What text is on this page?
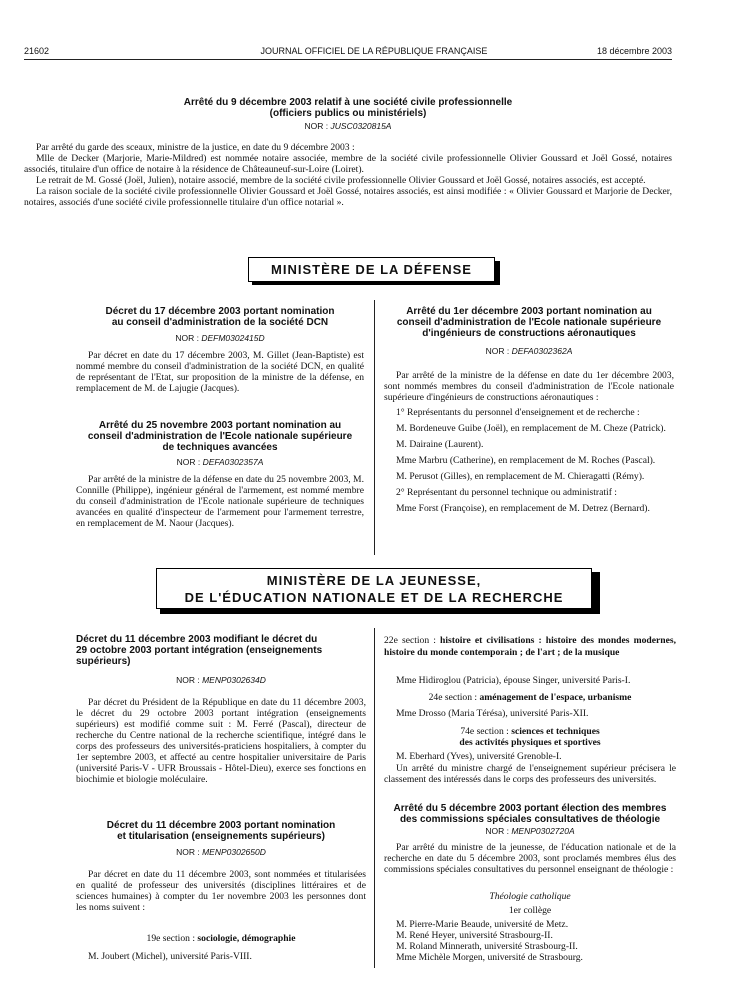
21602	JOURNAL OFFICIEL DE LA RÉPUBLIQUE FRANÇAISE	18 décembre 2003
Arrêté du 9 décembre 2003 relatif à une société civile professionnelle
(officiers publics ou ministériels)
NOR : JUSC0320815A

Par arrêté du garde des sceaux, ministre de la justice, en date du 9 décembre 2003 :

Mlle de Decker (Marjorie, Marie-Mildred) est nommée notaire associée, membre de la société civile professionnelle Olivier Goussard et Joël Gossé, notaires associés, titulaire d'un office de notaire à la résidence de Châteauneuf-sur-Loire (Loiret).

Le retrait de M. Gossé (Joël, Julien), notaire associé, membre de la société civile professionnelle Olivier Goussard et Joël Gossé, notaires associés, est accepté.

La raison sociale de la société civile professionnelle Olivier Goussard et Joël Gossé, notaires associés, est ainsi modifiée : « Olivier Goussard et Marjorie de Decker, notaires, associés d'une société civile professionnelle titulaire d'un office notarial ».

MINISTÈRE DE LA DÉFENSE
Décret du 17 décembre 2003 portant nomination
au conseil d'administration de la société DCN
NOR : DEFM0302415D

Par décret en date du 17 décembre 2003, M. Gillet (Jean-Baptiste) est nommé membre du conseil d'administration de la société DCN, en qualité de représentant de l'Etat, sur proposition de la ministre de la défense, en remplacement de M. de Lajugie (Jacques).

Arrêté du 25 novembre 2003 portant nomination au
conseil d'administration de l'Ecole nationale supérieure
de techniques avancées
NOR : DEFA0302357A

Par arrêté de la ministre de la défense en date du 25 novembre 2003, M. Connille (Philippe), ingénieur général de l'armement, est nommé membre du conseil d'administration de l'Ecole nationale supérieure de techniques avancées en qualité d'inspecteur de l'armement pour l'armement terrestre, en remplacement de M. Naour (Jacques).

Arrêté du 1er décembre 2003 portant nomination au
conseil d'administration de l'Ecole nationale supérieure
d'ingénieurs de constructions aéronautiques
NOR : DEFA0302362A

Par arrêté de la ministre de la défense en date du 1er décembre 2003, sont nommés membres du conseil d'administration de l'Ecole nationale supérieure d'ingénieurs de constructions aéronautiques :

1° Représentants du personnel d'enseignement et de recherche :

M. Bordeneuve Guibe (Joël), en remplacement de M. Cheze (Patrick).

M. Dairaine (Laurent).

Mme Marbru (Catherine), en remplacement de M. Roches (Pascal).

M. Perusot (Gilles), en remplacement de M. Chieragatti (Rémy).

2° Représentant du personnel technique ou administratif :

Mme Forst (Françoise), en remplacement de M. Detrez (Bernard).

MINISTÈRE DE LA JEUNESSE,
DE L'ÉDUCATION NATIONALE ET DE LA RECHERCHE
Décret du 11 décembre 2003 modifiant le décret du
29 octobre 2003 portant intégration (enseignements
supérieurs)
NOR : MENP0302634D

Par décret du Président de la République en date du 11 décembre 2003, le décret du 29 octobre 2003 portant intégration (enseignements supérieurs) est modifié comme suit : M. Ferré (Pascal), directeur de recherche du Centre national de la recherche scientifique, intégré dans le corps des professeurs des universités-praticiens hospitaliers, à compter du 1er septembre 2003, et affecté au centre hospitalier universitaire de Paris (université Paris-V - UFR Broussais - Hôtel-Dieu), exerce ses fonctions en biochimie et biologie moléculaire.

Décret du 11 décembre 2003 portant nomination
et titularisation (enseignements supérieurs)
NOR : MENP0302650D

Par décret en date du 11 décembre 2003, sont nommées et titularisées en qualité de professeur des universités (disciplines littéraires et de sciences humaines) à compter du 1er novembre 2003 les personnes dont les noms suivent :

19e section : sociologie, démographie

M. Joubert (Michel), université Paris-VIII.

22e section : histoire et civilisations : histoire des mondes modernes, histoire du monde contemporain ; de l'art ; de la musique

Mme Hidiroglou (Patricia), épouse Singer, université Paris-I.

24e section : aménagement de l'espace, urbanisme

Mme Drosso (Maria Térésa), université Paris-XII.

74e section : sciences et techniques
des activités physiques et sportives

M. Eberhard (Yves), université Grenoble-I.

Un arrêté du ministre chargé de l'enseignement supérieur précisera le classement des intéressés dans le corps des professeurs des universités.

Arrêté du 5 décembre 2003 portant élection des membres
des commissions spéciales consultatives de théologie
NOR : MENP0302720A

Par arrêté du ministre de la jeunesse, de l'éducation nationale et de la recherche en date du 5 décembre 2003, sont proclamés membres élus des commissions spéciales consultatives du personnel enseignant de théologie :

Théologie catholique
1er collège

M. Pierre-Marie Beaude, université de Metz.

M. René Heyer, université Strasbourg-II.

M. Roland Minnerath, université Strasbourg-II.

Mme Michèle Morgen, université de Strasbourg.
